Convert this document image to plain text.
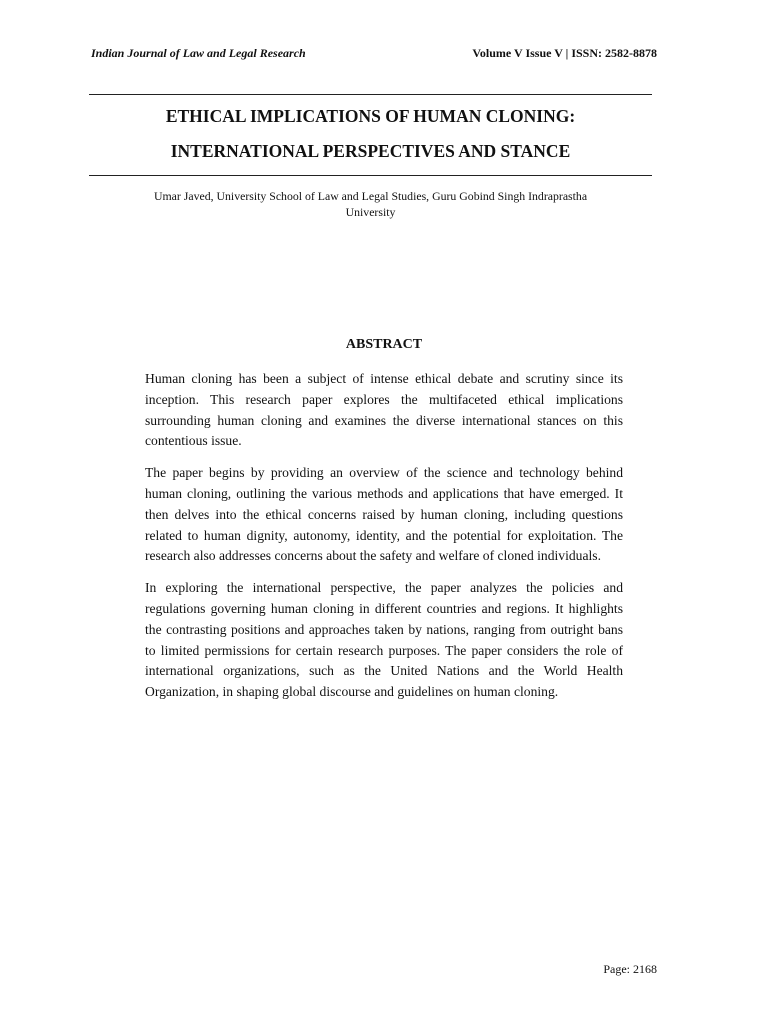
Indian Journal of Law and Legal Research	Volume V Issue V | ISSN: 2582-8878
ETHICAL IMPLICATIONS OF HUMAN CLONING:
INTERNATIONAL PERSPECTIVES AND STANCE
Umar Javed, University School of Law and Legal Studies, Guru Gobind Singh Indraprastha
University
ABSTRACT

Human cloning has been a subject of intense ethical debate and scrutiny since its inception. This research paper explores the multifaceted ethical implications surrounding human cloning and examines the diverse international stances on this contentious issue.

The paper begins by providing an overview of the science and technology behind human cloning, outlining the various methods and applications that have emerged. It then delves into the ethical concerns raised by human cloning, including questions related to human dignity, autonomy, identity, and the potential for exploitation. The research also addresses concerns about the safety and welfare of cloned individuals.

In exploring the international perspective, the paper analyzes the policies and regulations governing human cloning in different countries and regions. It highlights the contrasting positions and approaches taken by nations, ranging from outright bans to limited permissions for certain research purposes. The paper considers the role of international organizations, such as the United Nations and the World Health Organization, in shaping global discourse and guidelines on human cloning.

Page: 2168
